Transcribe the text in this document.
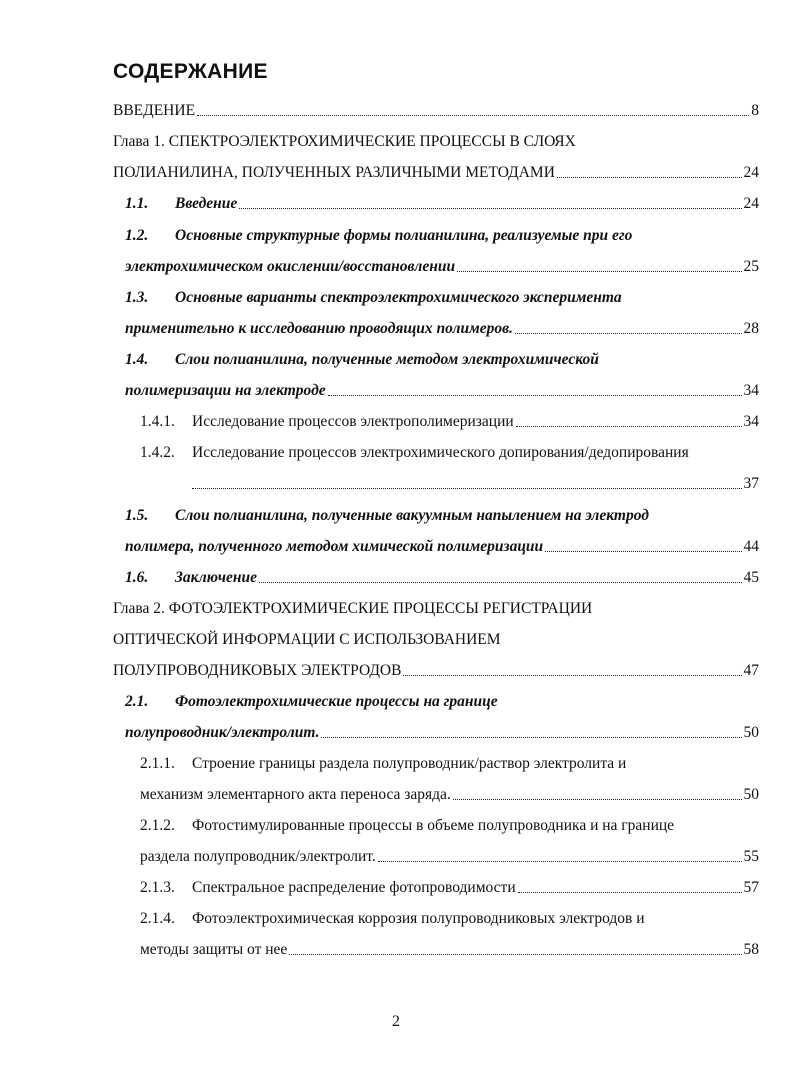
СОДЕРЖАНИЕ
ВВЕДЕНИЕ	8
Глава 1. СПЕКТРОЭЛЕКТРОХИМИЧЕСКИЕ ПРОЦЕССЫ В СЛОЯХ
ПОЛИАНИЛИНА, ПОЛУЧЕННЫХ РАЗЛИЧНЫМИ МЕТОДАМИ	24
1.1. Введение	24
1.2. Основные структурные формы полианилина, реализуемые при его
электрохимическом окислении/восстановлении	25
1.3. Основные варианты спектроэлектрохимического эксперимента
применительно к исследованию проводящих полимеров.	28
1.4. Слои полианилина, полученные методом электрохимической
полимеризации на электроде	34
1.4.1. Исследование процессов электрополимеризации	34
1.4.2. Исследование процессов электрохимического допирования/дедопирования
37
1.5. Слои полианилина, полученные вакуумным напылением на электрод
полимера, полученного методом химической полимеризации	44
1.6. Заключение	45
Глава 2. ФОТОЭЛЕКТРОХИМИЧЕСКИЕ ПРОЦЕССЫ РЕГИСТРАЦИИ
ОПТИЧЕСКОЙ ИНФОРМАЦИИ С ИСПОЛЬЗОВАНИЕМ
ПОЛУПРОВОДНИКОВЫХ ЭЛЕКТРОДОВ	47
2.1. Фотоэлектрохимические процессы на границе
полупроводник/электролит.	50
2.1.1. Строение границы раздела полупроводник/раствор электролита и
механизм элементарного акта переноса заряда.	50
2.1.2. Фотостимулированные процессы в объеме полупроводника и на границе
раздела полупроводник/электролит.	55
2.1.3. Спектральное распределение фотопроводимости	57
2.1.4. Фотоэлектрохимическая коррозия полупроводниковых электродов и
методы защиты от нее	58
2
